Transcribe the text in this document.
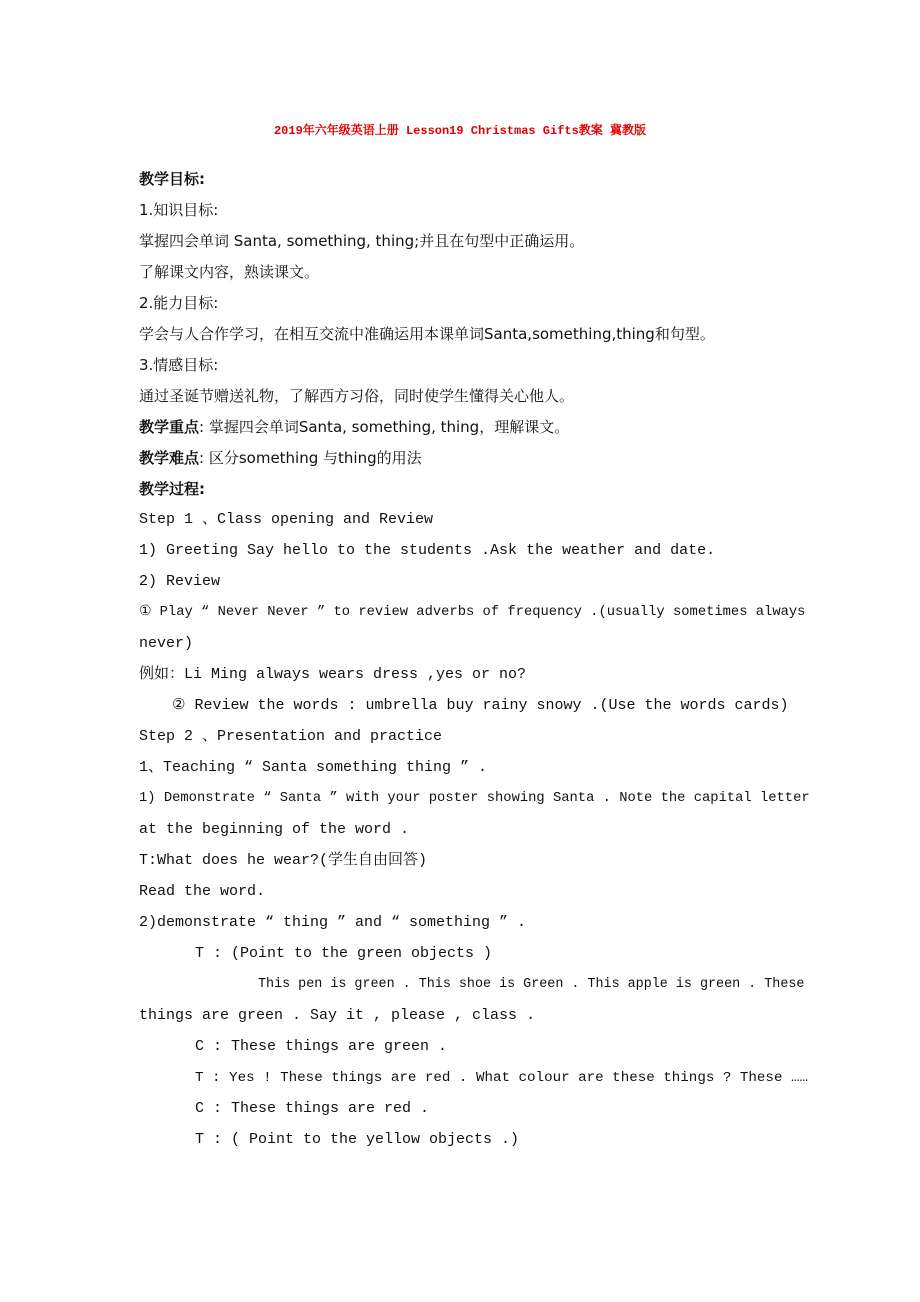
2019年六年级英语上册 Lesson19 Christmas Gifts教案 冀教版
教学目标:
1.知识目标:
掌握四会单词 Santa, something, thing;并且在句型中正确运用。
了解课文内容，熟读课文。
2.能力目标:
学会与人合作学习，在相互交流中准确运用本课单词Santa,something,thing和句型。
3.情感目标:
通过圣诞节赠送礼物，了解西方习俗，同时使学生懂得关心他人。
教学重点: 掌握四会单词Santa, something, thing，理解课文。
教学难点: 区分something 与thing的用法
教学过程:
Step 1 、Class opening and Review
1) Greeting Say hello to the students .Ask the weather and date.
2) Review
① Play “ Never Never ” to review adverbs of frequency .(usually sometimes always
never)
例如：Li Ming always wears dress ,yes or no?
② Review the words : umbrella buy rainy snowy .(Use the words cards)
Step 2 、Presentation and practice
1、Teaching “ Santa something thing ” .
1) Demonstrate “ Santa ” with your poster showing Santa . Note the capital letter
at the beginning of the word .
T:What does he wear?(学生自由回答)
Read the word.
2)demonstrate “ thing ” and “ something ” .
T : (Point to the green objects )
This pen is green . This shoe is Green . This apple is green . These
things are green . Say it , please , class .
C : These things are green .
T : Yes ! These things are red . What colour are these things ? These ……
C : These things are red .
T : ( Point to the yellow objects .)
